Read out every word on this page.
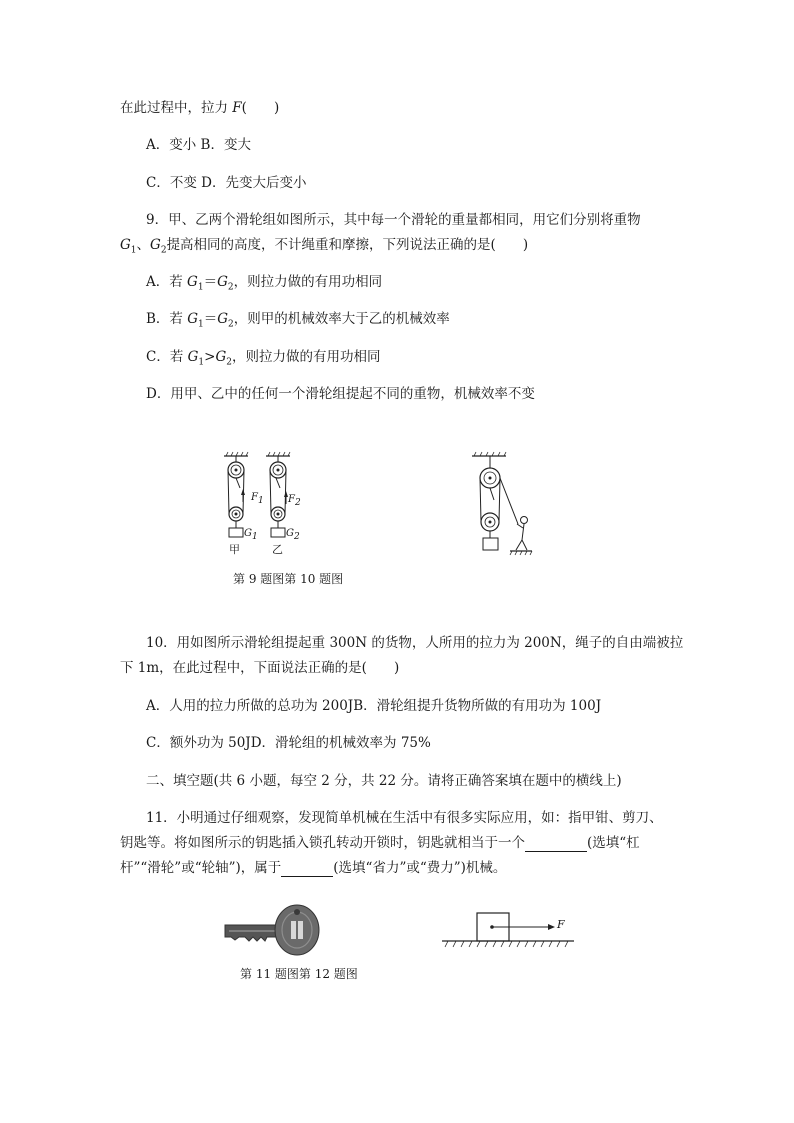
在此过程中，拉力 F(　　)
A．变小 B．变大
C．不变 D．先变大后变小
9．甲、乙两个滑轮组如图所示，其中每一个滑轮的重量都相同，用它们分别将重物
$G_1$、$G_2$提高相同的高度，不计绳重和摩擦，下列说法正确的是(　　)
A．若 $G_1=G_2$，则拉力做的有用功相同
B．若 $G_1=G_2$，则甲的机械效率大于乙的机械效率
C．若 $G_1>G_2$，则拉力做的有用功相同
D．用甲、乙中的任何一个滑轮组提起不同的重物，机械效率不变
$F_1$ $F_2$
$G_1$	$G_2$
甲	乙
第 9 题图第 10 题图
10．用如图所示滑轮组提起重 300N 的货物，人所用的拉力为 200N，绳子的自由端被拉
下 1m，在此过程中，下面说法正确的是(　　)
A．人用的拉力所做的总功为 200JB．滑轮组提升货物所做的有用功为 100J
C．额外功为 50JD．滑轮组的机械效率为 75%
二、填空题(共 6 小题，每空 2 分，共 22 分。请将正确答案填在题中的横线上)
11．小明通过仔细观察，发现简单机械在生活中有很多实际应用，如：指甲钳、剪刀、
钥匙等。将如图所示的钥匙插入锁孔转动开锁时，钥匙就相当于一个	(选填“杠
杆”“滑轮”或“轮轴”)，属于	(选填“省力”或“费力”)机械。
F
第 11 题图第 12 题图
